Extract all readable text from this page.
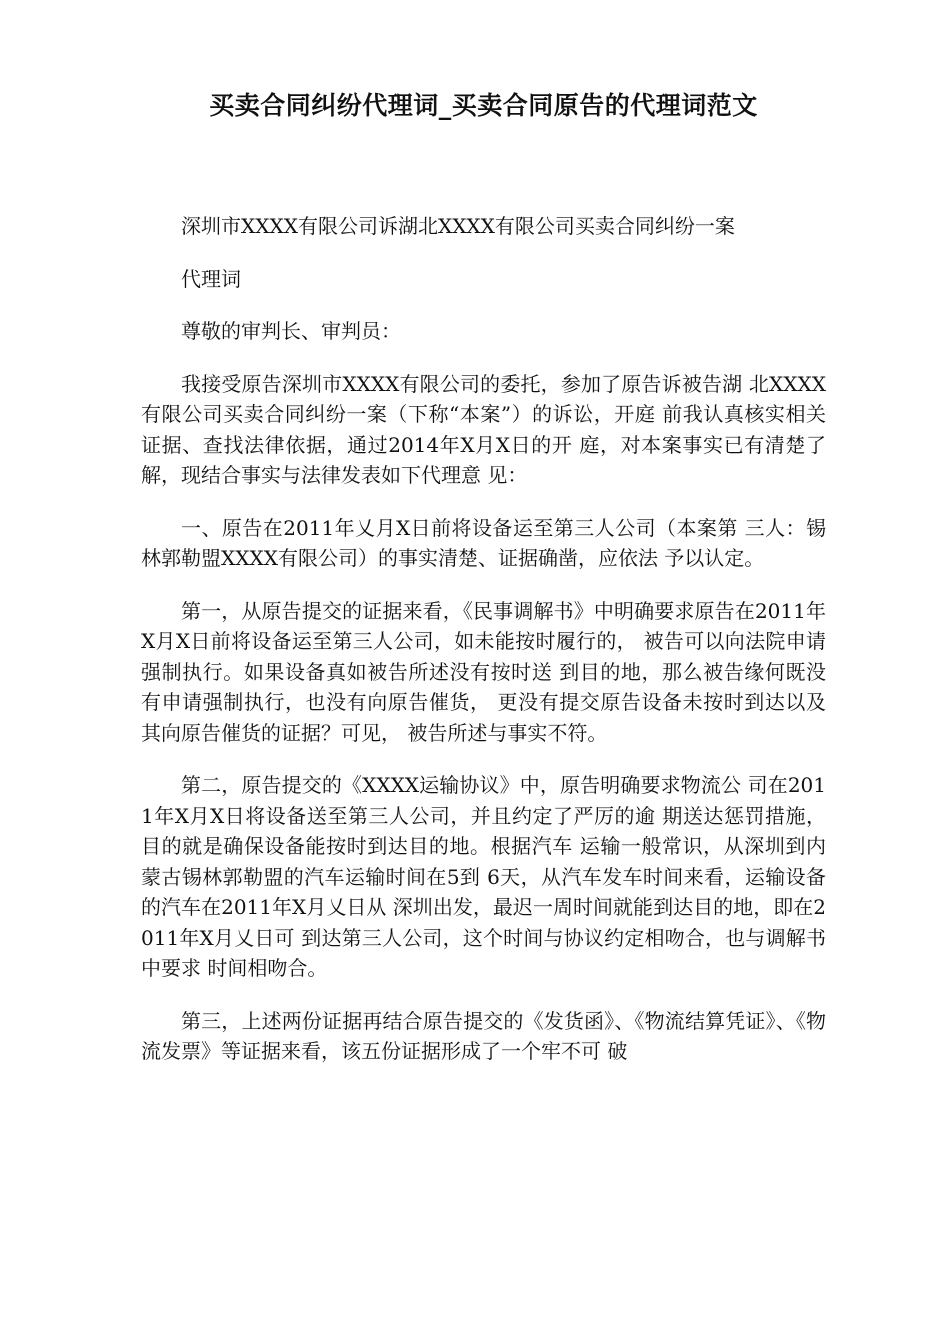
买卖合同纠纷代理词_买卖合同原告的代理词范文

深圳市XXXX有限公司诉湖北XXXX有限公司买卖合同纠纷一案

代理词

尊敬的审判长、审判员：

我接受原告深圳市XXXX有限公司的委托，参加了原告诉被告湖 北XXXX有限公司买卖合同纠纷一案（下称“本案”）的诉讼，开庭 前我认真核实相关证据、查找法律依据，通过2014年X月X日的开 庭，对本案事实已有清楚了解，现结合事实与法律发表如下代理意 见：

一、原告在2011年乂月X日前将设备运至第三人公司（本案第 三人：锡林郭勒盟XXXX有限公司）的事实清楚、证据确凿，应依法 予以认定。

第一，从原告提交的证据来看，《民事调解书》中明确要求原告在2011年X月X日前将设备运至第三人公司，如未能按时履行的， 被告可以向法院申请强制执行。如果设备真如被告所述没有按时送 到目的地，那么被告缘何既没有申请强制执行，也没有向原告催货， 更没有提交原告设备未按时到达以及其向原告催货的证据？可见， 被告所述与事实不符。

第二，原告提交的《XXXX运输协议》中，原告明确要求物流公 司在2011年X月X日将设备送至第三人公司，并且约定了严厉的逾 期送达惩罚措施，目的就是确保设备能按时到达目的地。根据汽车 运输一般常识，从深圳到内蒙古锡林郭勒盟的汽车运输时间在5到 6天，从汽车发车时间来看，运输设备的汽车在2011年X月乂日从 深圳出发，最迟一周时间就能到达目的地，即在2011年X月乂日可 到达第三人公司，这个时间与协议约定相吻合，也与调解书中要求 时间相吻合。

第三，上述两份证据再结合原告提交的《发货函》、《物流结算凭证》、《物流发票》等证据来看，该五份证据形成了一个牢不可 破
